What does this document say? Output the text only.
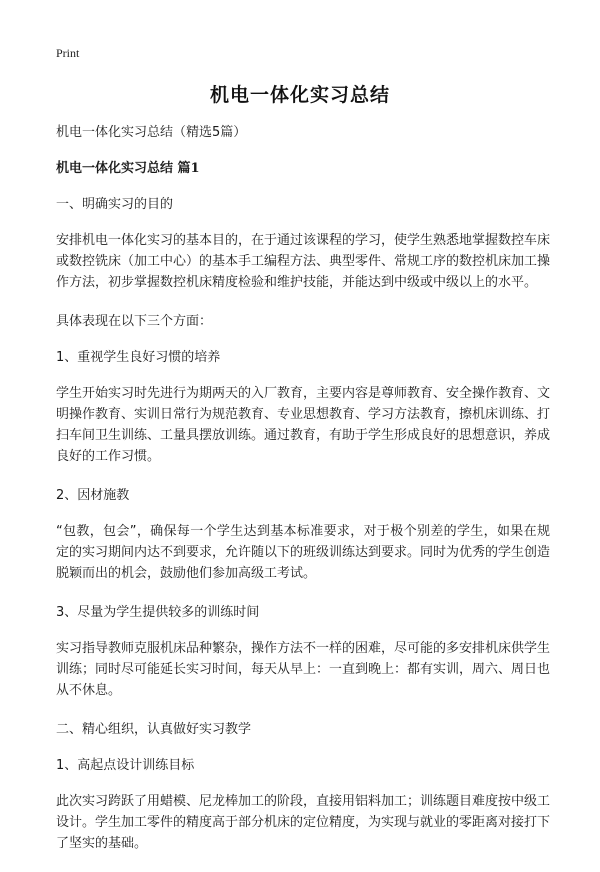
Print
机电一体化实习总结

机电一体化实习总结（精选5篇）

机电一体化实习总结 篇1

一、明确实习的目的

安排机电一体化实习的基本目的，在于通过该课程的学习，使学生熟悉地掌握数控车床或数控铣床（加工中心）的基本手工编程方法、典型零件、常规工序的数控机床加工操作方法，初步掌握数控机床精度检验和维护技能，并能达到中级或中级以上的水平。

具体表现在以下三个方面：

1、重视学生良好习惯的培养

学生开始实习时先进行为期两天的入厂教育，主要内容是尊师教育、安全操作教育、文明操作教育、实训日常行为规范教育、专业思想教育、学习方法教育，擦机床训练、打扫车间卫生训练、工量具摆放训练。通过教育，有助于学生形成良好的思想意识，养成良好的工作习惯。

2、因材施教

“包教，包会”，确保每一个学生达到基本标准要求，对于极个别差的学生，如果在规定的实习期间内达不到要求，允许随以下的班级训练达到要求。同时为优秀的学生创造脱颖而出的机会，鼓励他们参加高级工考试。

3、尽量为学生提供较多的训练时间

实习指导教师克服机床品种繁杂，操作方法不一样的困难，尽可能的多安排机床供学生训练；同时尽可能延长实习时间，每天从早上：一直到晚上：都有实训，周六、周日也从不休息。

二、精心组织，认真做好实习教学

1、高起点设计训练目标

此次实习跨跃了用蜡模、尼龙棒加工的阶段，直接用铝料加工；训练题目难度按中级工设计。学生加工零件的精度高于部分机床的定位精度，为实现与就业的零距离对接打下了坚实的基础。
